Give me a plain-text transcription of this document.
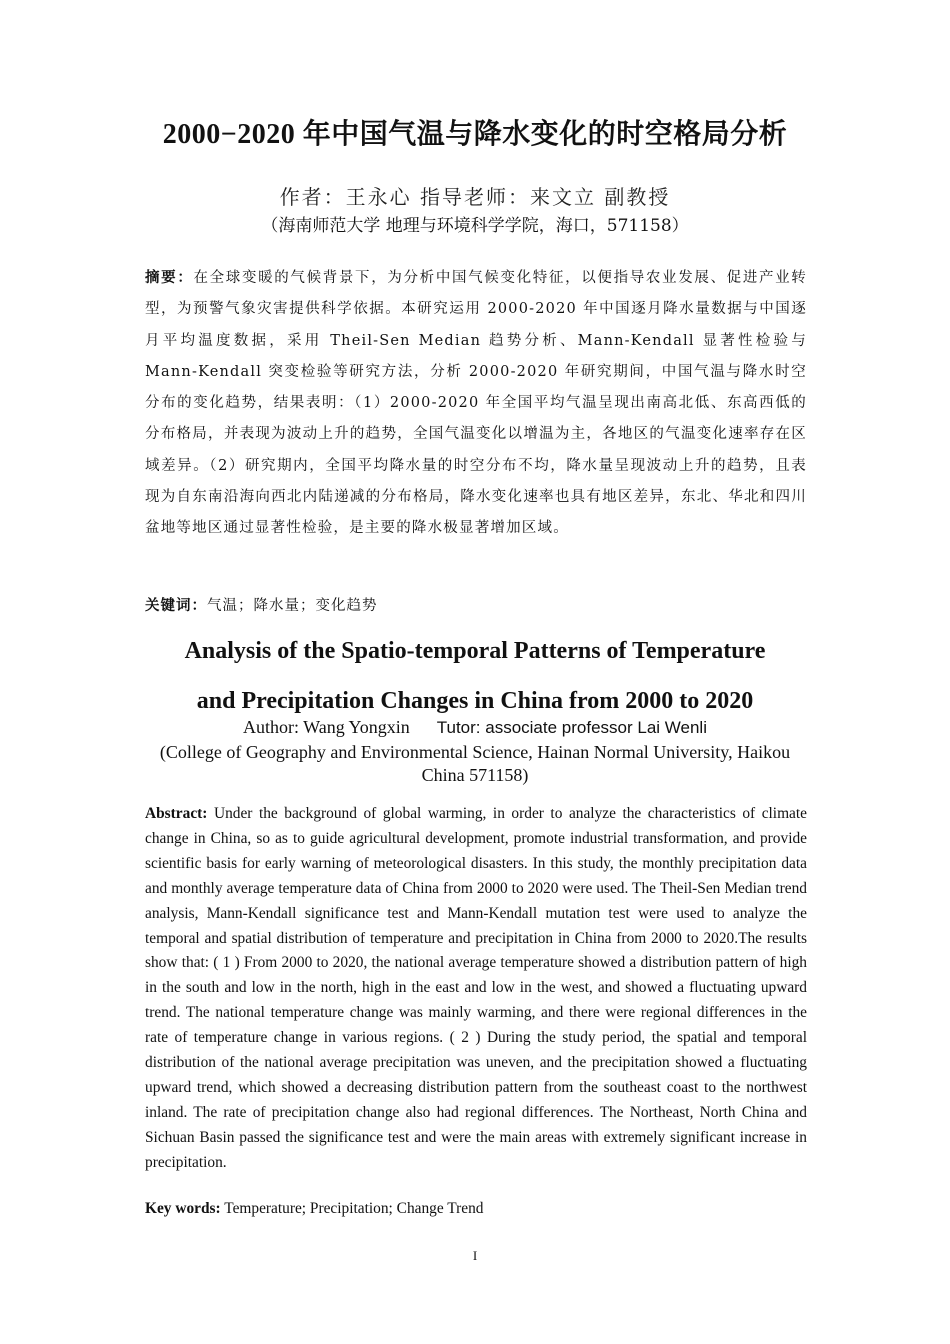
2000−2020 年中国气温与降水变化的时空格局分析
作者：王永心 指导老师：来文立 副教授
（海南师范大学 地理与环境科学学院，海口，571158）
摘要：在全球变暖的气候背景下，为分析中国气候变化特征，以便指导农业发展、促进产业转型，为预警气象灾害提供科学依据。本研究运用 2000-2020 年中国逐月降水量数据与中国逐月平均温度数据，采用 Theil-Sen Median 趋势分析、Mann-Kendall 显著性检验与 Mann-Kendall 突变检验等研究方法，分析 2000-2020 年研究期间，中国气温与降水时空分布的变化趋势，结果表明：（1）2000-2020 年全国平均气温呈现出南高北低、东高西低的分布格局，并表现为波动上升的趋势，全国气温变化以增温为主，各地区的气温变化速率存在区域差异。（2）研究期内，全国平均降水量的时空分布不均，降水量呈现波动上升的趋势，且表现为自东南沿海向西北内陆递减的分布格局，降水变化速率也具有地区差异，东北、华北和四川盆地等地区通过显著性检验，是主要的降水极显著增加区域。
关键词：气温；降水量；变化趋势
Analysis of the Spatio-temporal Patterns of Temperature
and Precipitation Changes in China from 2000 to 2020
Author: Wang Yongxin Tutor: associate professor Lai Wenli
(College of Geography and Environmental Science, Hainan Normal University, Haikou China 571158)
Abstract: Under the background of global warming, in order to analyze the characteristics of climate change in China, so as to guide agricultural development, promote industrial transformation, and provide scientific basis for early warning of meteorological disasters. In this study, the monthly precipitation data and monthly average temperature data of China from 2000 to 2020 were used. The Theil-Sen Median trend analysis, Mann-Kendall significance test and Mann-Kendall mutation test were used to analyze the temporal and spatial distribution of temperature and precipitation in China from 2000 to 2020.The results show that: ( 1 ) From 2000 to 2020, the national average temperature showed a distribution pattern of high in the south and low in the north, high in the east and low in the west, and showed a fluctuating upward trend. The national temperature change was mainly warming, and there were regional differences in the rate of temperature change in various regions. ( 2 ) During the study period, the spatial and temporal distribution of the national average precipitation was uneven, and the precipitation showed a fluctuating upward trend, which showed a decreasing distribution pattern from the southeast coast to the northwest inland. The rate of precipitation change also had regional differences. The Northeast, North China and Sichuan Basin passed the significance test and were the main areas with extremely significant increase in precipitation.
Key words: Temperature; Precipitation; Change Trend
I
